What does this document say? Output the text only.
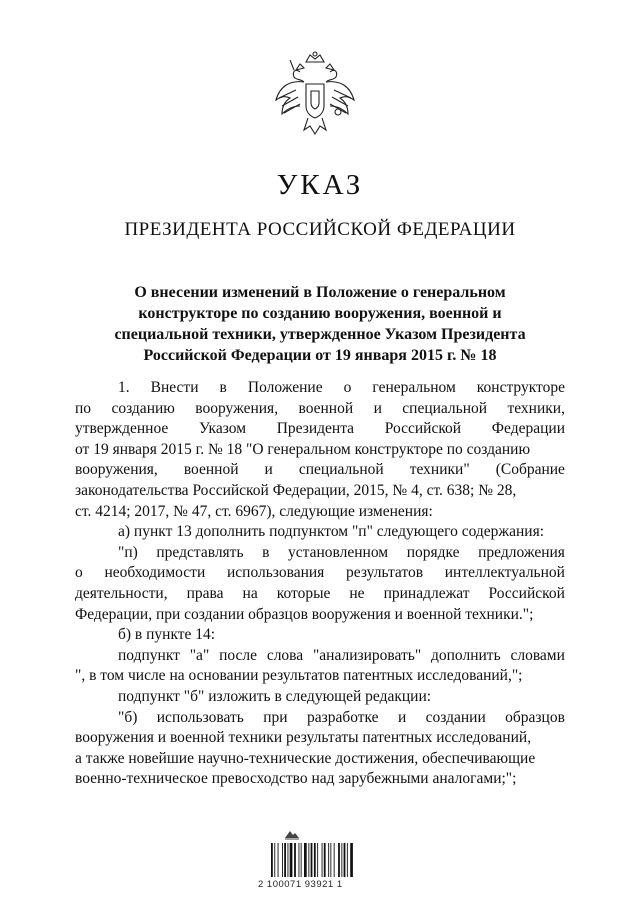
УКАЗ
ПРЕЗИДЕНТА РОССИЙСКОЙ ФЕДЕРАЦИИ
О внесении изменений в Положение о генеральном
конструкторе по созданию вооружения, военной и
специальной техники, утвержденное Указом Президента
Российской Федерации от 19 января 2015 г. № 18
1. Внести в Положение о генеральном конструкторе
по созданию вооружения, военной и специальной техники,
утвержденное Указом Президента Российской Федерации
от 19 января 2015 г. № 18 "О генеральном конструкторе по созданию
вооружения, военной и специальной техники" (Собрание
законодательства Российской Федерации, 2015, № 4, ст. 638; № 28,
ст. 4214; 2017, № 47, ст. 6967), следующие изменения:
а) пункт 13 дополнить подпунктом "п" следующего содержания:
"п) представлять в установленном порядке предложения
о необходимости использования результатов интеллектуальной
деятельности, права на которые не принадлежат Российской
Федерации, при создании образцов вооружения и военной техники.";
б) в пункте 14:
подпункт "а" после слова "анализировать" дополнить словами
", в том числе на основании результатов патентных исследований,";
подпункт "б" изложить в следующей редакции:
"б) использовать при разработке и создании образцов
вооружения и военной техники результаты патентных исследований,
а также новейшие научно-технические достижения, обеспечивающие
военно-техническое превосходство над зарубежными аналогами;";
2 100071 93921 1
